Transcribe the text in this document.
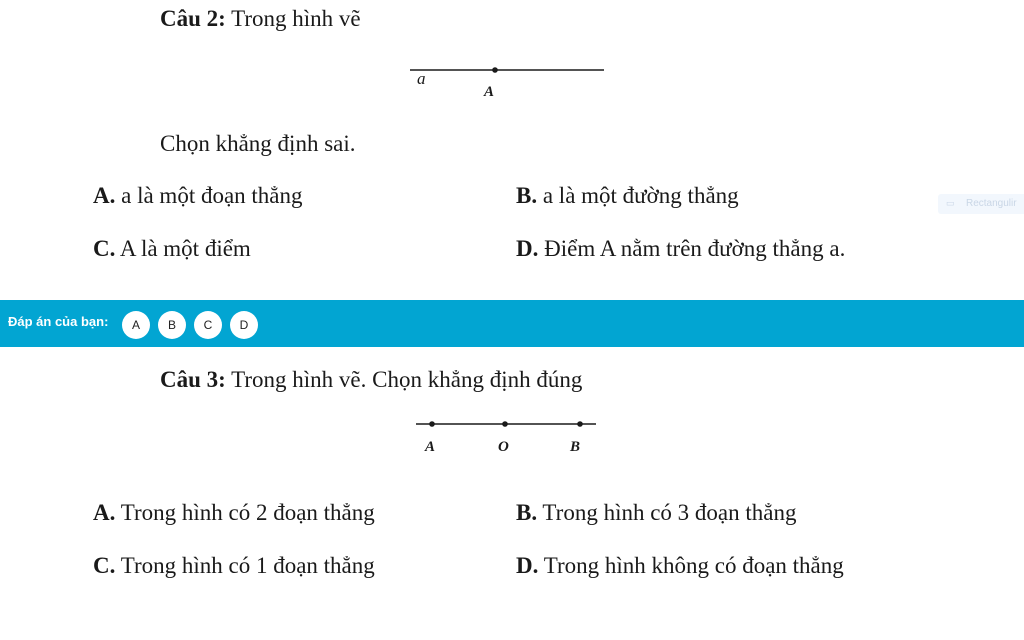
Câu 2: Trong hình vẽ
a
A
Chọn khẳng định sai.
A. a là một đoạn thẳng	B. a là một đường thẳng
C. A là một điểm	D. Điểm A nằm trên đường thẳng a.
▭ Rectangulir
Đáp án của bạn:	A	B	C	D
Câu 3: Trong hình vẽ. Chọn khẳng định đúng
A	O	B
A. Trong hình có 2 đoạn thẳng	B. Trong hình có 3 đoạn thẳng
C. Trong hình có 1 đoạn thẳng	D. Trong hình không có đoạn thẳng
